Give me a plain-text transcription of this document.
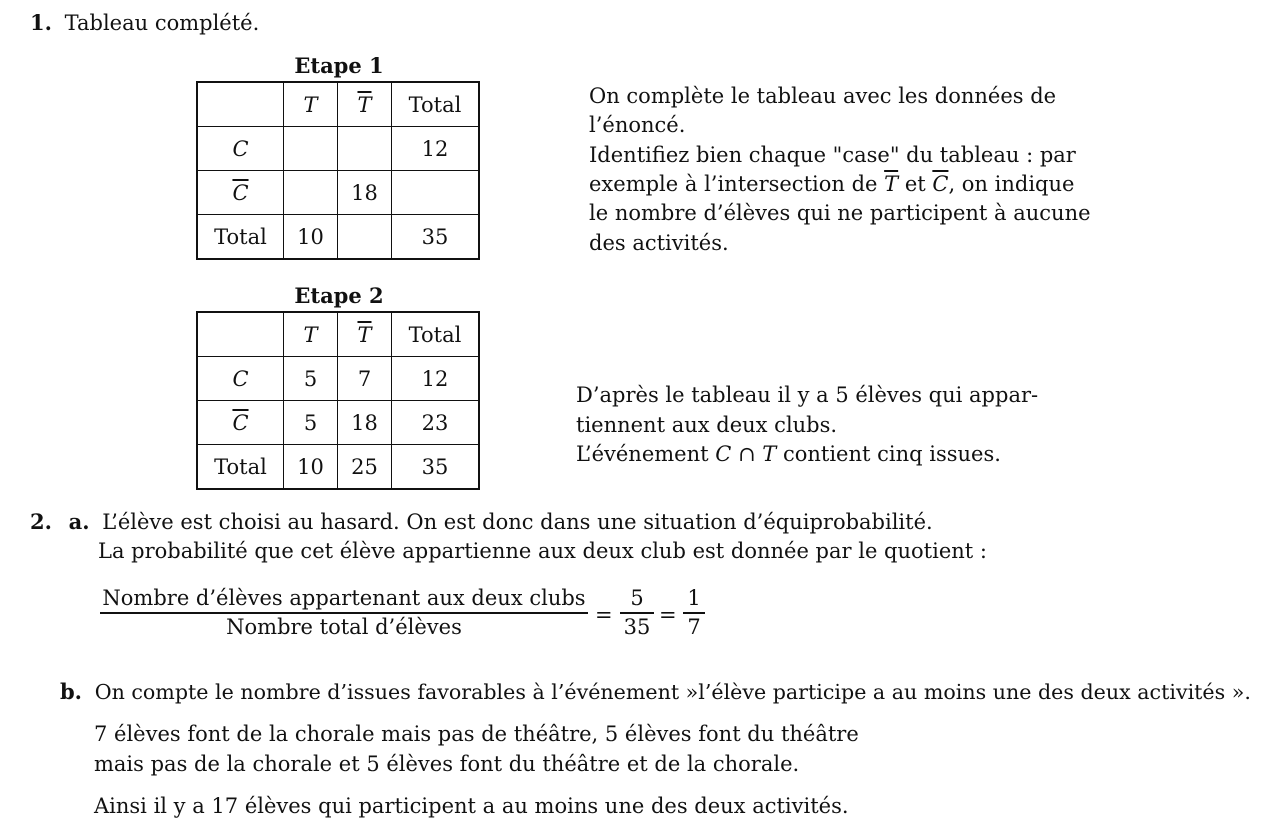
1. Tableau complété.
Etape 1
	T	$\overline{T}$	Total
C			12
$\overline{C}$		18	
Total	10		35
On complète le tableau avec les données de
l’énoncé.
Identifiez bien chaque "case" du tableau : par
exemple à l’intersection de $\overline{T}$ et $\overline{C}$, on indique
le nombre d’élèves qui ne participent à aucune
des activités.
Etape 2
	T	$\overline{T}$	Total
C	5	7	12
$\overline{C}$	5	18	23
Total	10	25	35
D’après le tableau il y a 5 élèves qui appar-
tiennent aux deux clubs.
L’événement C ∩ T contient cinq issues.
2. a. L’élève est choisi au hasard. On est donc dans une situation d’équiprobabilité.
La probabilité que cet élève appartienne aux deux club est donnée par le quotient :
Nombre d’élèves appartenant aux deux clubs
Nombre total d’élèves	=
5
35 =
1
7
b. On compte le nombre d’issues favorables à l’événement »l’élève participe a au moins une des deux activités ».
7 élèves font de la chorale mais pas de théâtre, 5 élèves font du théâtre
mais pas de la chorale et 5 élèves font du théâtre et de la chorale.
Ainsi il y a 17 élèves qui participent a au moins une des deux activités.
